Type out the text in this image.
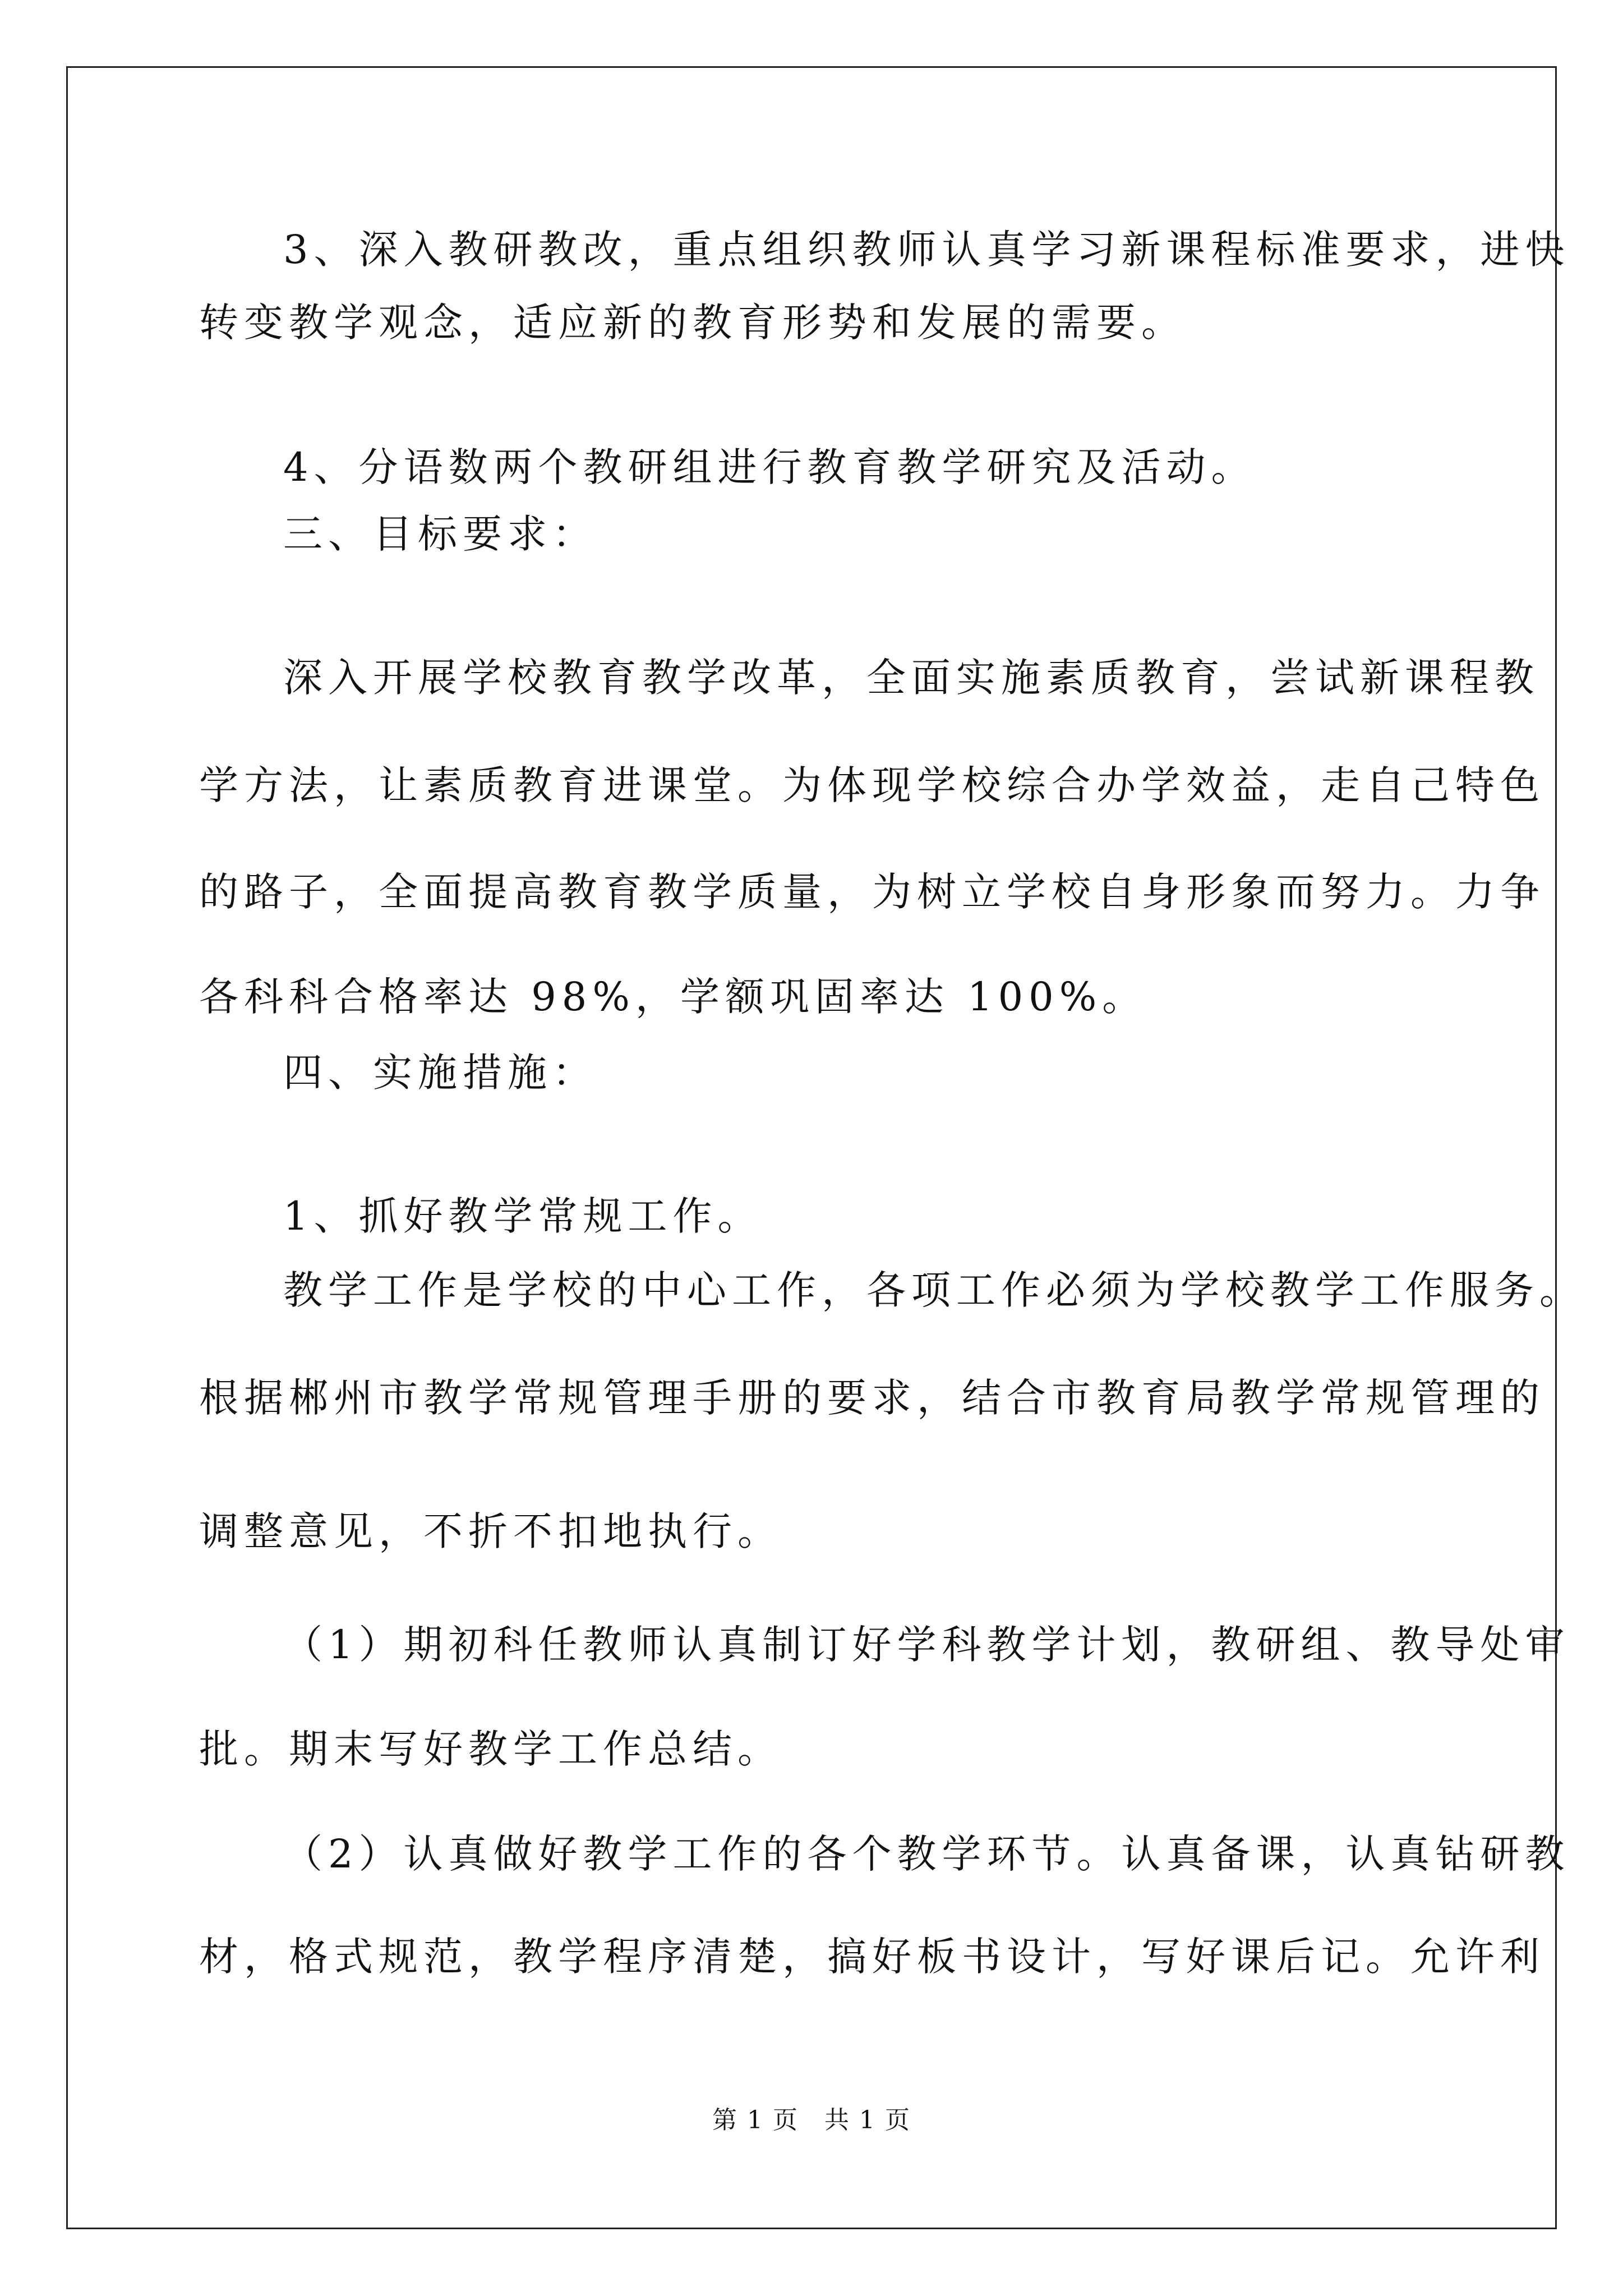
3、深入教研教改，重点组织教师认真学习新课程标准要求，进快
转变教学观念，适应新的教育形势和发展的需要。
4、分语数两个教研组进行教育教学研究及活动。
三、目标要求：
深入开展学校教育教学改革，全面实施素质教育，尝试新课程教
学方法，让素质教育进课堂。为体现学校综合办学效益，走自己特色
的路子，全面提高教育教学质量，为树立学校自身形象而努力。力争
各科科合格率达 98%，学额巩固率达 100%。
四、实施措施：
1、抓好教学常规工作。
教学工作是学校的中心工作，各项工作必须为学校教学工作服务。
根据郴州市教学常规管理手册的要求，结合市教育局教学常规管理的
调整意见，不折不扣地执行。
（1）期初科任教师认真制订好学科教学计划，教研组、教导处审
批。期末写好教学工作总结。
（2）认真做好教学工作的各个教学环节。认真备课，认真钻研教
材，格式规范，教学程序清楚，搞好板书设计，写好课后记。允许利
第 1 页　共 1 页
